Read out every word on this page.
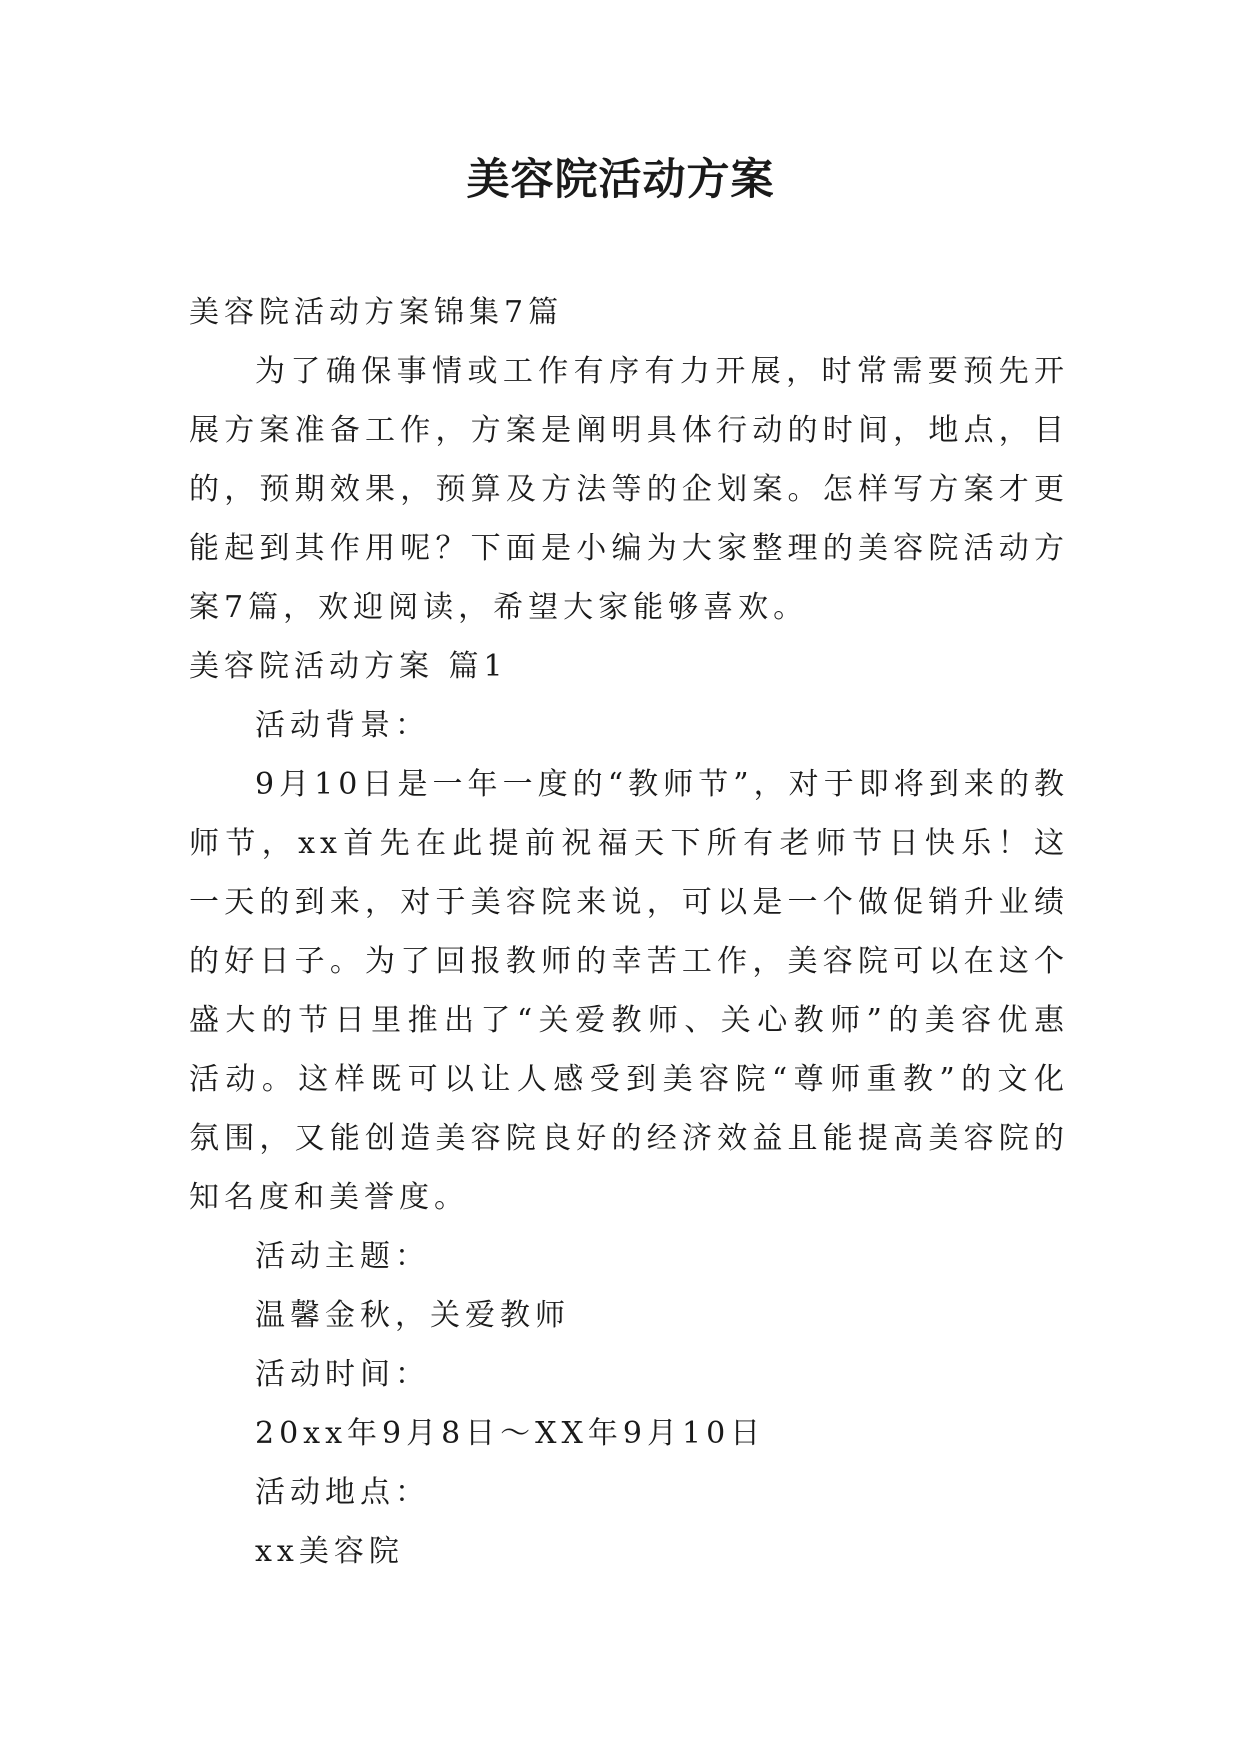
美容院活动方案

美容院活动方案锦集7篇

为了确保事情或工作有序有力开展，时常需要预先开展方案准备工作，方案是阐明具体行动的时间，地点，目的，预期效果，预算及方法等的企划案。怎样写方案才更能起到其作用呢？下面是小编为大家整理的美容院活动方案7篇，欢迎阅读，希望大家能够喜欢。

美容院活动方案 篇1

活动背景：

9月10日是一年一度的“教师节”，对于即将到来的教师节，xx首先在此提前祝福天下所有老师节日快乐！这一天的到来，对于美容院来说，可以是一个做促销升业绩的好日子。为了回报教师的幸苦工作，美容院可以在这个盛大的节日里推出了“关爱教师、关心教师”的美容优惠活动。这样既可以让人感受到美容院“尊师重教”的文化氛围，又能创造美容院良好的经济效益且能提高美容院的知名度和美誉度。

活动主题：

温馨金秋，关爱教师

活动时间：

20xx年9月8日～XX年9月10日

活动地点：

xx美容院
